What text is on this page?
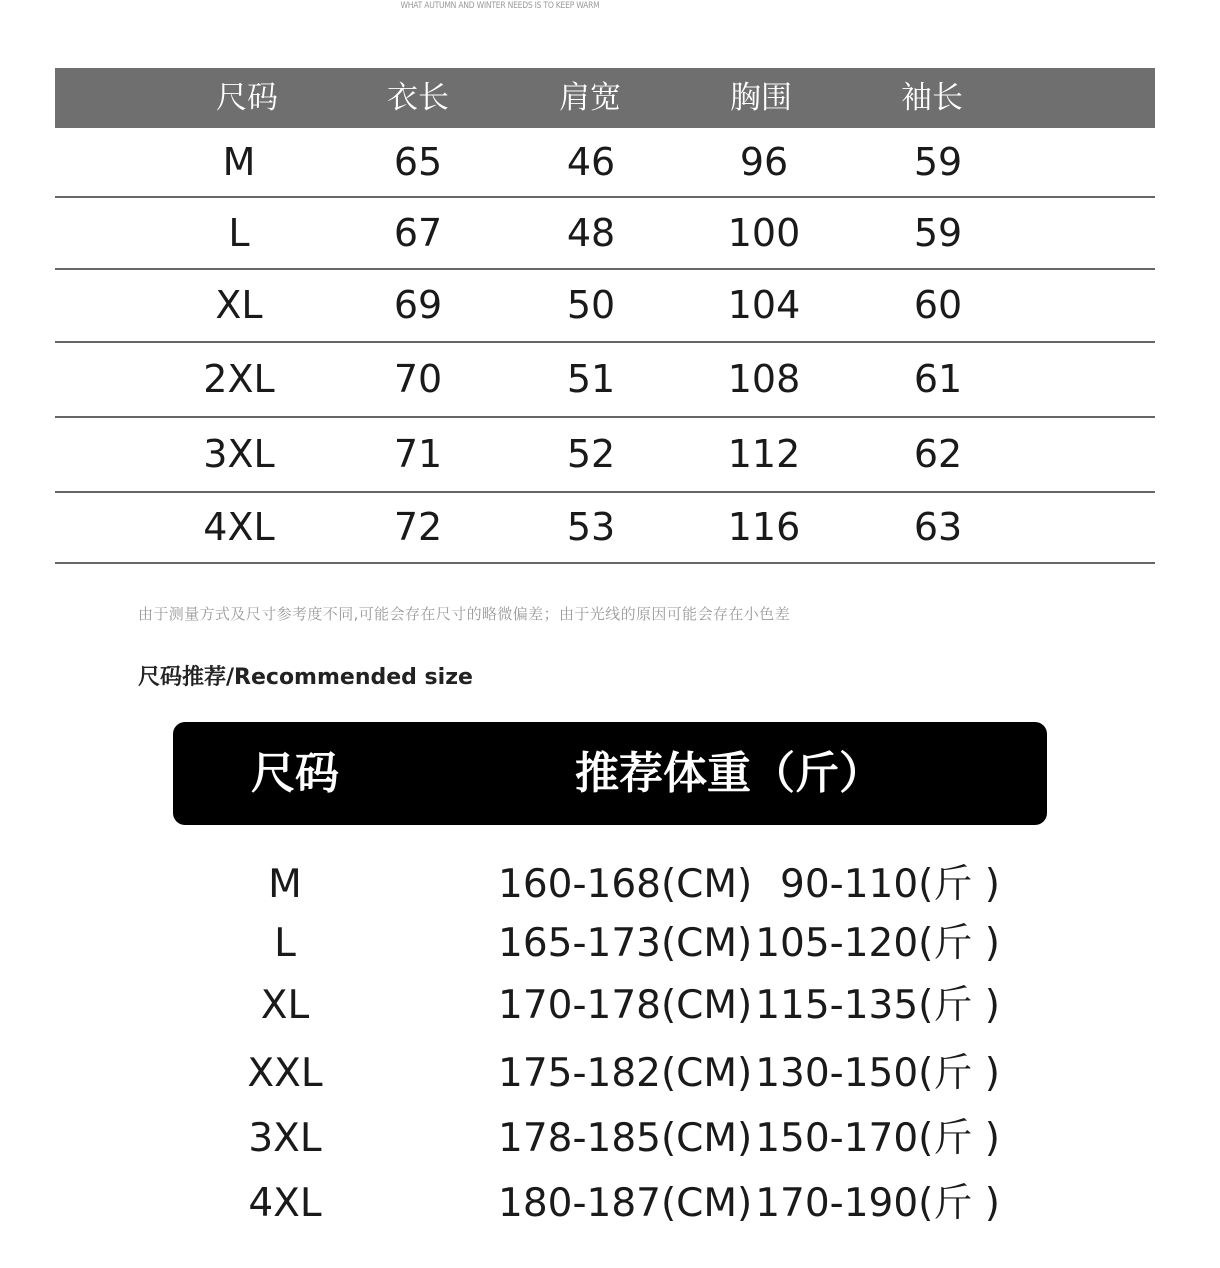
WHAT AUTUMN AND WINTER NEEDS IS TO KEEP WARM
尺码	衣长	肩宽	胸围	袖长
M	65	46	96	59
L	67	48	100	59
XL	69	50	104	60
2XL	70	51	108	61
3XL	71	52	112	62
4XL	72	53	116	63
由于测量方式及尺寸参考度不同,可能会存在尺寸的略微偏差；由于光线的原因可能会存在小色差
尺码推荐/Recommended size
尺码	推荐体重（斤）
M	160-168(CM) 90-110(斤 )
L	165-173(CM) 105-120(斤 )
XL	170-178(CM) 115-135(斤 )
XXL	175-182(CM) 130-150(斤 )
3XL	178-185(CM) 150-170(斤 )
4XL	180-187(CM) 170-190(斤 )
